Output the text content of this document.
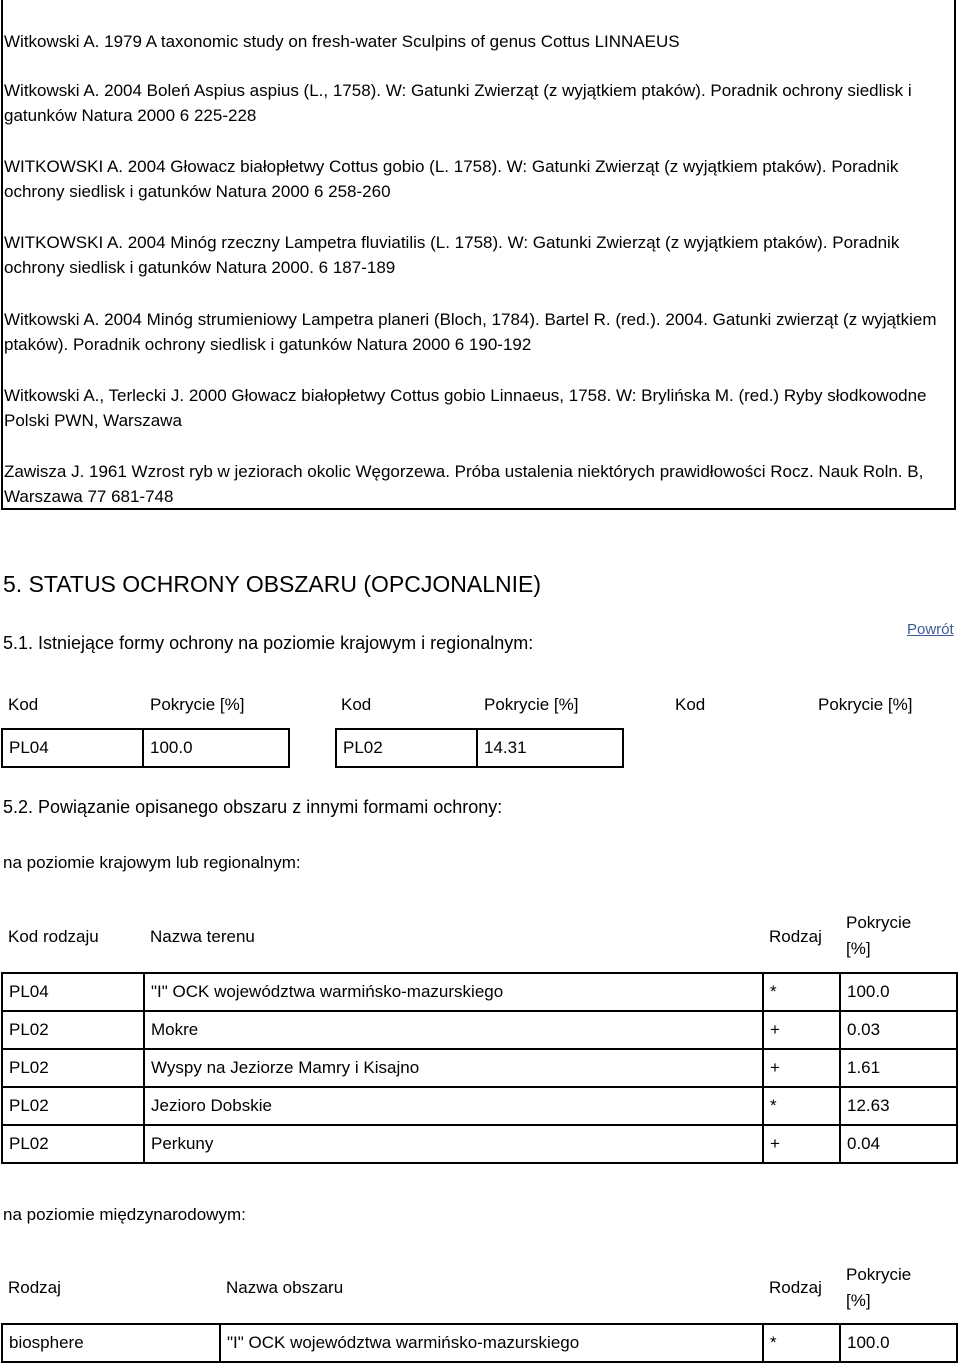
Witkowski A. 1979 A taxonomic study on fresh-water Sculpins of genus Cottus LINNAEUS
Witkowski A. 2004 Boleń Aspius aspius (L., 1758). W: Gatunki Zwierząt (z wyjątkiem ptaków). Poradnik ochrony siedlisk i gatunków Natura 2000 6 225-228
WITKOWSKI A. 2004 Głowacz białopłetwy Cottus gobio (L. 1758). W: Gatunki Zwierząt (z wyjątkiem ptaków). Poradnik ochrony siedlisk i gatunków Natura 2000 6 258-260
WITKOWSKI A. 2004 Minóg rzeczny Lampetra fluviatilis (L. 1758). W: Gatunki Zwierząt (z wyjątkiem ptaków). Poradnik ochrony siedlisk i gatunków Natura 2000. 6 187-189
Witkowski A. 2004 Minóg strumieniowy Lampetra planeri (Bloch, 1784). Bartel R. (red.). 2004. Gatunki zwierząt (z wyjątkiem ptaków). Poradnik ochrony siedlisk i gatunków Natura 2000 6 190-192
Witkowski A., Terlecki J. 2000 Głowacz białopłetwy Cottus gobio Linnaeus, 1758. W: Brylińska M. (red.) Ryby słodkowodne Polski PWN, Warszawa
Zawisza J. 1961 Wzrost ryb w jeziorach okolic Węgorzewa. Próba ustalenia niektórych prawidłowości Rocz. Nauk Roln. B, Warszawa 77 681-748
5. STATUS OCHRONY OBSZARU (OPCJONALNIE)
5.1. Istniejące formy ochrony na poziomie krajowym i regionalnym:
Powrót
Kod	Pokrycie [%]	Kod	Pokrycie [%]	Kod	Pokrycie [%]
PL04	100.0	PL02	14.31
5.2. Powiązanie opisanego obszaru z innymi formami ochrony:
na poziomie krajowym lub regionalnym:
Kod rodzaju	Nazwa terenu	Rodzaj
Pokrycie
[%]
PL04	"I" OCK województwa warmińsko-mazurskiego	*	100.0
PL02	Mokre	+	0.03
PL02	Wyspy na Jeziorze Mamry i Kisajno	+	1.61
PL02	Jezioro Dobskie	*	12.63
PL02	Perkuny	+	0.04
na poziomie międzynarodowym:
Rodzaj	Nazwa obszaru	Rodzaj
Pokrycie
[%]
biosphere	"I" OCK województwa warmińsko-mazurskiego	*	100.0
